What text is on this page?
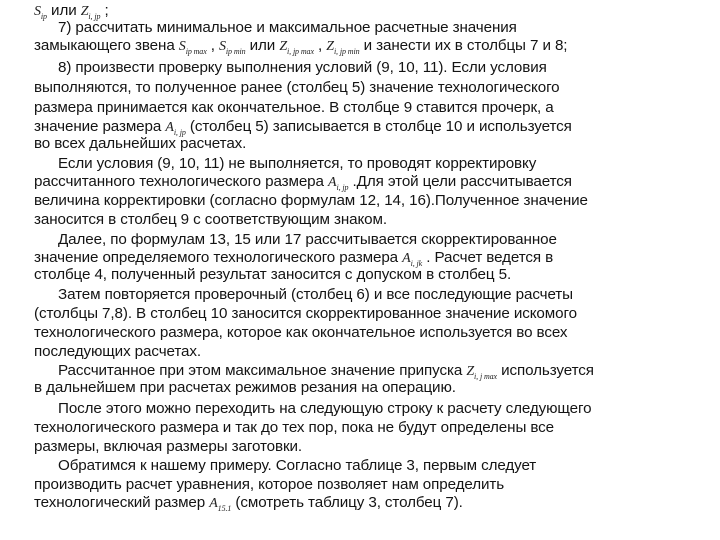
$S_{ip}$ или $Z_{i, jp}$ ;
7) рассчитать минимальное и максимальное расчетные значения
замыкающего звена $S_{ip max}$ , $S_{ip min}$ или $Z_{i, jp max}$ , $Z_{i, jp min}$ и занести их в столбцы 7 и 8;
8) произвести проверку выполнения условий (9, 10, 11). Если условия
выполняются, то полученное ранее (столбец 5) значение технологического
размера принимается как окончательное. В столбце 9 ставится прочерк, а
значение размера $A_{i, jp}$ (столбец 5) записывается в столбце 10 и используется
во всех дальнейших расчетах.
Если условия (9, 10, 11) не выполняется, то проводят корректировку
рассчитанного технологического размера $A_{i, jp}$ .Для этой цели рассчитывается
величина корректировки (согласно формулам 12, 14, 16).Полученное значение
заносится в столбец 9 с соответствующим знаком.
Далее, по формулам 13, 15 или 17 рассчитывается скорректированное
значение определяемого технологического размера $A_{i, jk}$ . Расчет ведется в
столбце 4, полученный результат заносится с допуском в столбец 5.
Затем повторяется проверочный (столбец 6) и все последующие расчеты
(столбцы 7,8). В столбец 10 заносится скорректированное значение искомого
технологического размера, которое как окончательное используется во всех
последующих расчетах.
Рассчитанное при этом максимальное значение припуска $Z_{i, j max}$ используется
в дальнейшем при расчетах режимов резания на операцию.
После этого можно переходить на следующую строку к расчету следующего
технологического размера и так до тех пор, пока не будут определены все
размеры, включая размеры заготовки.
Обратимся к нашему примеру. Согласно таблице 3, первым следует
производить расчет уравнения, которое позволяет нам определить
технологический размер $A_{15.1}$ (смотреть таблицу 3, столбец 7).
